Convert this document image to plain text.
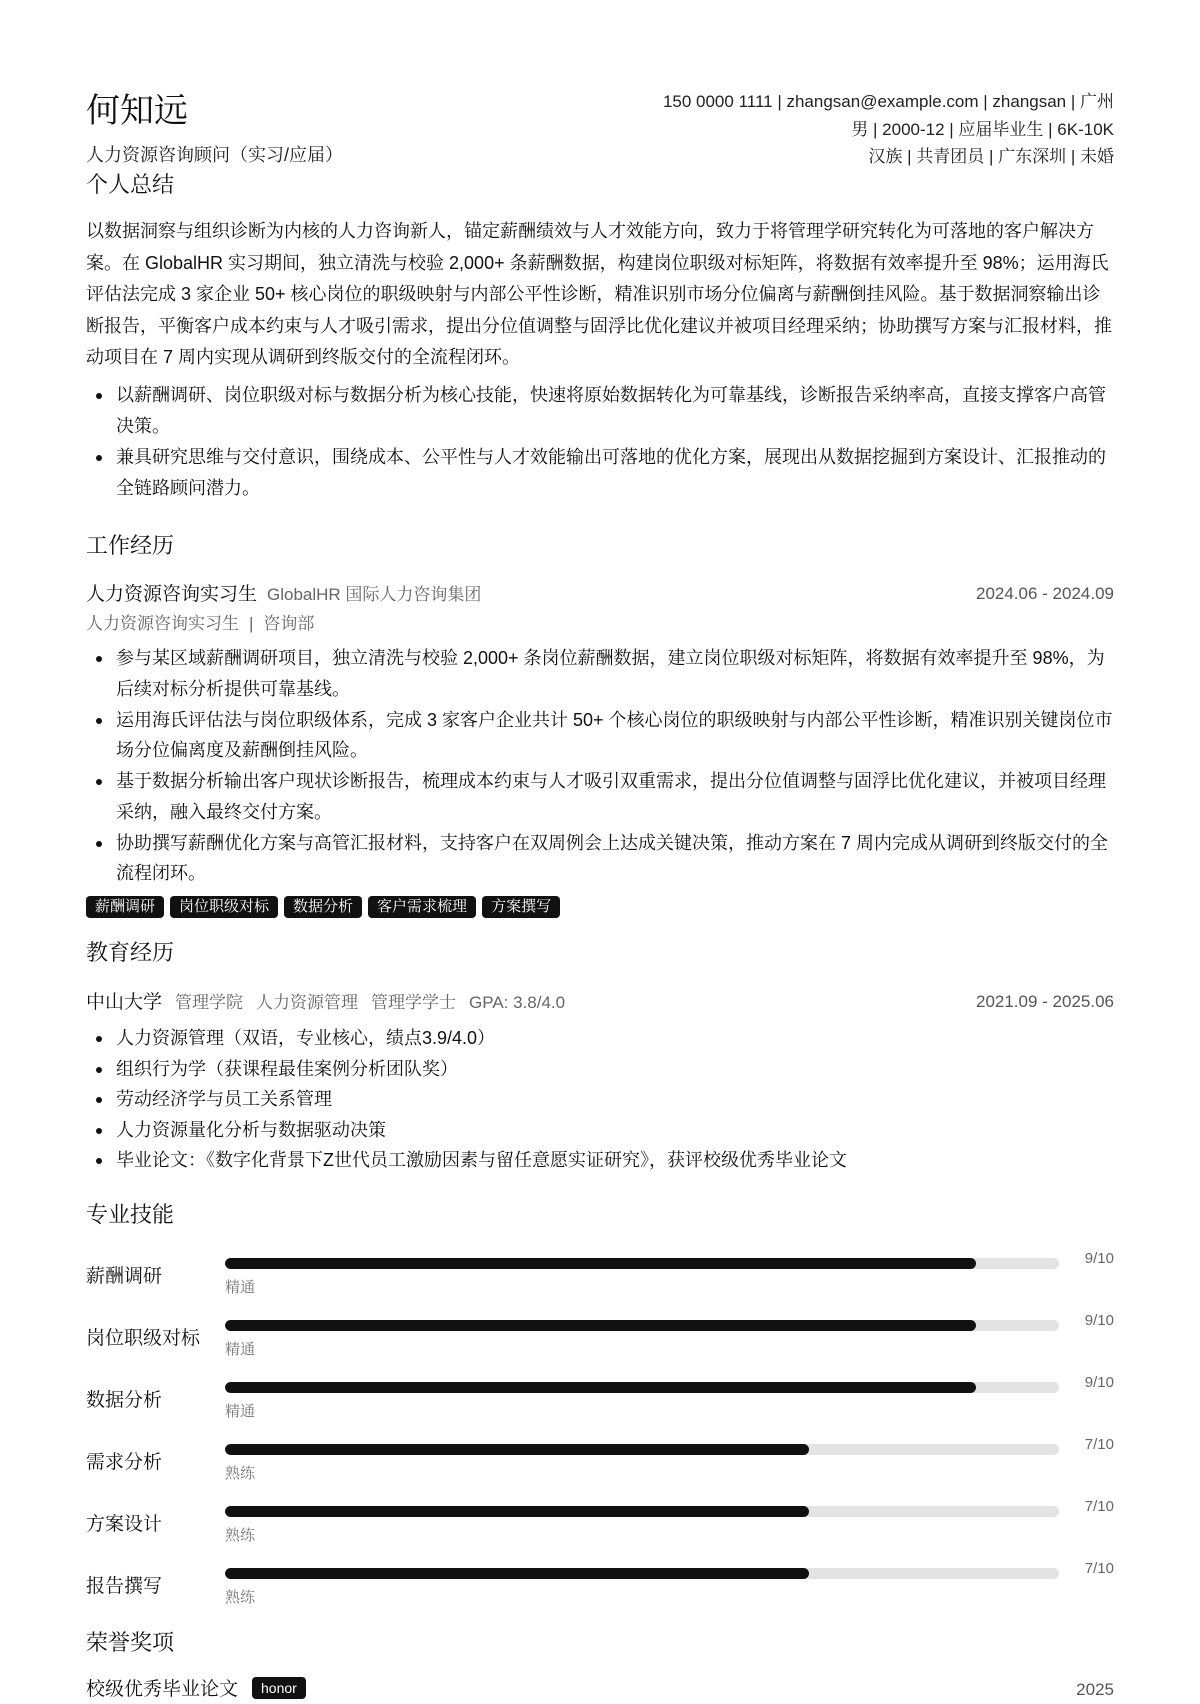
何知远
人力资源咨询顾问（实习/应届）
150 0000 1111 | zhangsan@example.com | zhangsan | 广州
男 | 2000-12 | 应届毕业生 | 6K-10K
汉族 | 共青团员 | 广东深圳 | 未婚
个人总结

以数据洞察与组织诊断为内核的人力咨询新人，锚定薪酬绩效与人才效能方向，致力于将管理学研究转化为可落地的客户解决方案。在 GlobalHR 实习期间，独立清洗与校验 2,000+ 条薪酬数据，构建岗位职级对标矩阵，将数据有效率提升至 98%；运用海氏评估法完成 3 家企业 50+ 核心岗位的职级映射与内部公平性诊断，精准识别市场分位偏离与薪酬倒挂风险。基于数据洞察输出诊断报告，平衡客户成本约束与人才吸引需求，提出分位值调整与固浮比优化建议并被项目经理采纳；协助撰写方案与汇报材料，推动项目在 7 周内实现从调研到终版交付的全流程闭环。

以薪酬调研、岗位职级对标与数据分析为核心技能，快速将原始数据转化为可靠基线，诊断报告采纳率高，直接支撑客户高管决策。
兼具研究思维与交付意识，围绕成本、公平性与人才效能输出可落地的优化方案，展现出从数据挖掘到方案设计、汇报推动的全链路顾问潜力。
工作经历
人力资源咨询实习生 GlobalHR 国际人力咨询集团	2024.06 - 2024.09
人力资源咨询实习生 | 咨询部
参与某区域薪酬调研项目，独立清洗与校验 2,000+ 条岗位薪酬数据，建立岗位职级对标矩阵，将数据有效率提升至 98%，为后续对标分析提供可靠基线。
运用海氏评估法与岗位职级体系，完成 3 家客户企业共计 50+ 个核心岗位的职级映射与内部公平性诊断，精准识别关键岗位市场分位偏离度及薪酬倒挂风险。
基于数据分析输出客户现状诊断报告，梳理成本约束与人才吸引双重需求，提出分位值调整与固浮比优化建议，并被项目经理采纳，融入最终交付方案。
协助撰写薪酬优化方案与高管汇报材料，支持客户在双周例会上达成关键决策，推动方案在 7 周内完成从调研到终版交付的全流程闭环。
薪酬调研	岗位职级对标	数据分析	客户需求梳理	方案撰写
教育经历
中山大学 管理学院 人力资源管理 管理学学士 GPA: 3.8/4.0	2021.09 - 2025.06
人力资源管理（双语，专业核心，绩点3.9/4.0）
组织行为学（获课程最佳案例分析团队奖）
劳动经济学与员工关系管理
人力资源量化分析与数据驱动决策
毕业论文：《数字化背景下Z世代员工激励因素与留任意愿实证研究》，获评校级优秀毕业论文
专业技能
薪酬调研
9/10
精通
岗位职级对标
9/10
精通
数据分析
9/10
精通
需求分析
7/10
熟练
方案设计
7/10
熟练
报告撰写
7/10
熟练
荣誉奖项
校级优秀毕业论文 honor	2025
